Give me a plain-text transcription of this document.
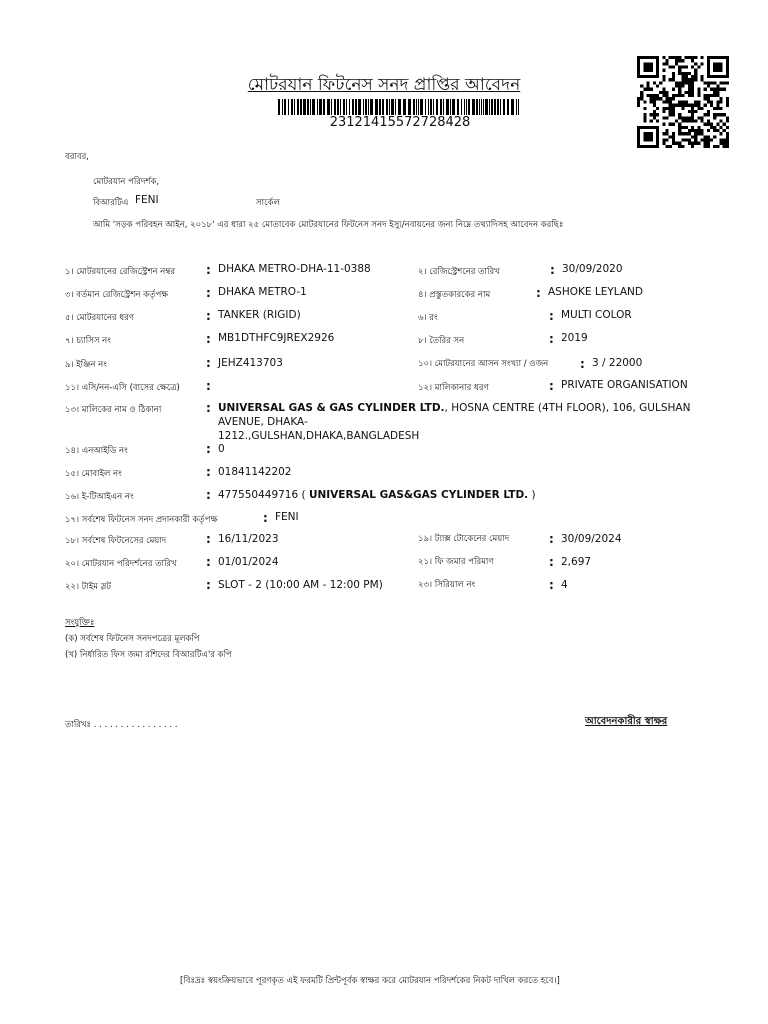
মোটরযান ফিটনেস সনদ প্রাপ্তির আবেদন
23121415572728428
বরাবর,
মোটরযান পরিদর্শক,
বিআরটিএ FENI	সার্কেল
আমি 'সড়ক পরিবহন আইন, ২০১৮' এর ধারা ২৫ মোতাবেক মোটরযানের ফিটনেস সনদ ইস্যু/নবায়নের জন্য নিম্নে তথ্যাদিসহ আবেদন করছিঃ
১। মোটরযানের রেজিস্ট্রেশন নম্বর	: DHAKA METRO-DHA-11-0388	২। রেজিস্ট্রেশনের তারিখ	: 30/09/2020
৩। বর্তমান রেজিস্ট্রেশন কর্তৃপক্ষ	: DHAKA METRO-1	৪। প্রস্তুতকারকের নাম	: ASHOKE LEYLAND
৫। মোটরযানের ধরণ	: TANKER (RIGID)	৬। রং	: MULTI COLOR
৭। চ্যাসিস নং	: MB1DTHFC9JREX2926	৮। তৈরির সন	: 2019
৯। ইঞ্জিন নং	: JEHZ413703	১০। মোটরযানের আসন সংখ্যা / ওজন	: 3 / 22000
১১। এসি/নন-এসি (বাসের ক্ষেত্রে) :	১২। মালিকানার ধরণ	: PRIVATE ORGANISATION
১৩। মালিকের নাম ও ঠিকানা	: UNIVERSAL GAS & GAS CYLINDER LTD., HOSNA CENTRE (4TH FLOOR), 106, GULSHAN AVENUE, DHAKA-
1212.,GULSHAN,DHAKA,BANGLADESH
১৪। এনআইডি নং	: 0
১৫। মোবাইল নং	: 01841142202
১৬। ই-টিআইএন নং	: 477550449716 ( UNIVERSAL GAS&GAS CYLINDER LTD. )
১৭। সর্বশেষ ফিটনেস সনদ প্রদানকারী কর্তৃপক্ষ	: FENI
১৮। সর্বশেষ ফিটনেসের মেয়াদ	: 16/11/2023	১৯। ট্যাক্স টোকেনের মেয়াদ	: 30/09/2024
২০। মোটরযান পরিদর্শনের তারিখ : 01/01/2024	২১। ফি জমার পরিমাণ	: 2,697
২২। টাইম স্লট	: SLOT - 2 (10:00 AM - 12:00 PM)	২৩। সিরিয়াল নং	: 4
সংযুক্তিঃ
(ক) সর্বশেষ ফিটনেস সনদপত্রের মূলকপি
(খ) নির্ধারিত ফিস জমা রশিদের বিআরটিএ'র কপি
তারিখঃ . . . . . . . . . . . . . . . .	আবেদনকারীর স্বাক্ষর
[বিঃদ্রঃ স্বয়ংক্রিয়ভাবে পূরণকৃত এই ফরমটি প্রিন্টপূর্বক স্বাক্ষর করে মোটরযান পরিদর্শকের নিকট দাখিল করতে হবে।]
